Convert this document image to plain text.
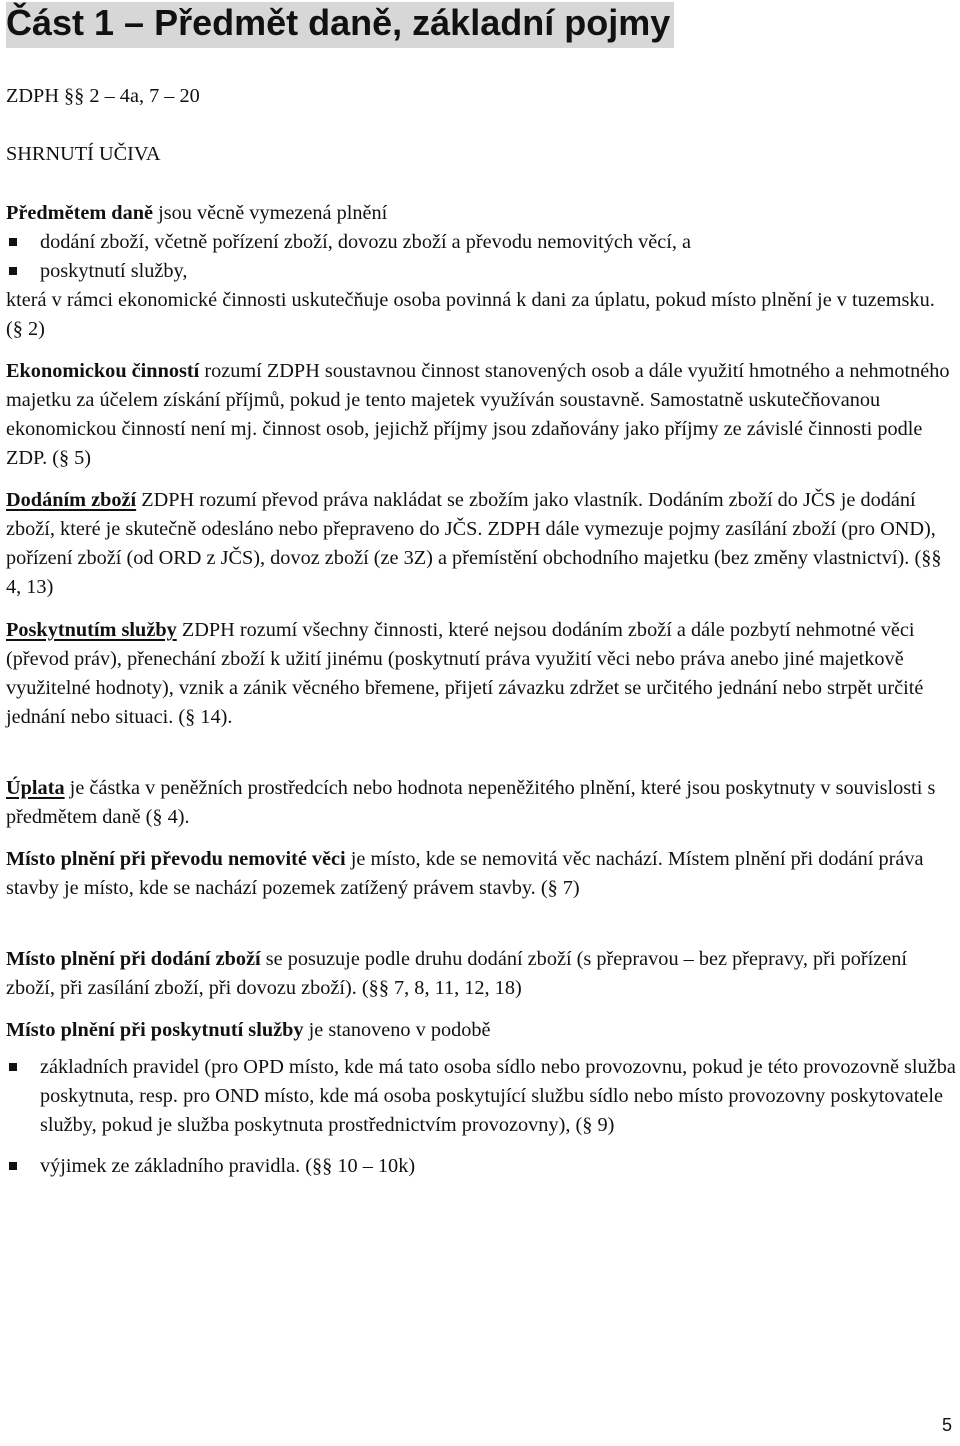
Část 1 – Předmět daně, základní pojmy

ZDPH §§ 2 – 4a, 7 – 20

SHRNUTÍ UČIVA

Předmětem daně jsou věcně vymezená plnění

dodání zboží, včetně pořízení zboží, dovozu zboží a převodu nemovitých věcí, a
poskytnutí služby,

která v rámci ekonomické činnosti uskutečňuje osoba povinná k dani za úplatu, pokud místo plnění je v tuzemsku. (§ 2)

Ekonomickou činností rozumí ZDPH soustavnou činnost stanovených osob a dále využití hmotného a nehmotného majetku za účelem získání příjmů, pokud je tento majetek využíván soustavně. Samostatně uskutečňovanou ekonomickou činností není mj. činnost osob, jejichž příjmy jsou zdaňovány jako příjmy ze závislé činnosti podle ZDP. (§ 5)

Dodáním zboží ZDPH rozumí převod práva nakládat se zbožím jako vlastník. Dodáním zboží do JČS je dodání zboží, které je skutečně odesláno nebo přepraveno do JČS. ZDPH dále vymezuje pojmy zasílání zboží (pro OND), pořízení zboží (od ORD z JČS), dovoz zboží (ze 3Z) a přemístění obchodního majetku (bez změny vlastnictví). (§§ 4, 13)

Poskytnutím služby ZDPH rozumí všechny činnosti, které nejsou dodáním zboží a dále pozbytí nehmotné věci (převod práv), přenechání zboží k užití jinému (poskytnutí práva využití věci nebo práva anebo jiné majetkově využitelné hodnoty), vznik a zánik věcného břemene, přijetí závazku zdržet se určitého jednání nebo strpět určité jednání nebo situaci. (§ 14).

Úplata je částka v peněžních prostředcích nebo hodnota nepeněžitého plnění, které jsou poskytnuty v souvislosti s předmětem daně (§ 4).

Místo plnění při převodu nemovité věci je místo, kde se nemovitá věc nachází. Místem plnění při dodání práva stavby je místo, kde se nachází pozemek zatížený právem stavby. (§ 7)

Místo plnění při dodání zboží se posuzuje podle druhu dodání zboží (s přepravou – bez přepravy, při pořízení zboží, při zasílání zboží, při dovozu zboží). (§§ 7, 8, 11, 12, 18)

Místo plnění při poskytnutí služby je stanoveno v podobě

základních pravidel (pro OPD místo, kde má tato osoba sídlo nebo provozovnu, pokud je této provozovně služba poskytnuta, resp. pro OND místo, kde má osoba poskytující službu sídlo nebo místo provozovny poskytovatele služby, pokud je služba poskytnuta prostřednictvím provozovny), (§ 9)
výjimek ze základního pravidla. (§§ 10 – 10k)
5
